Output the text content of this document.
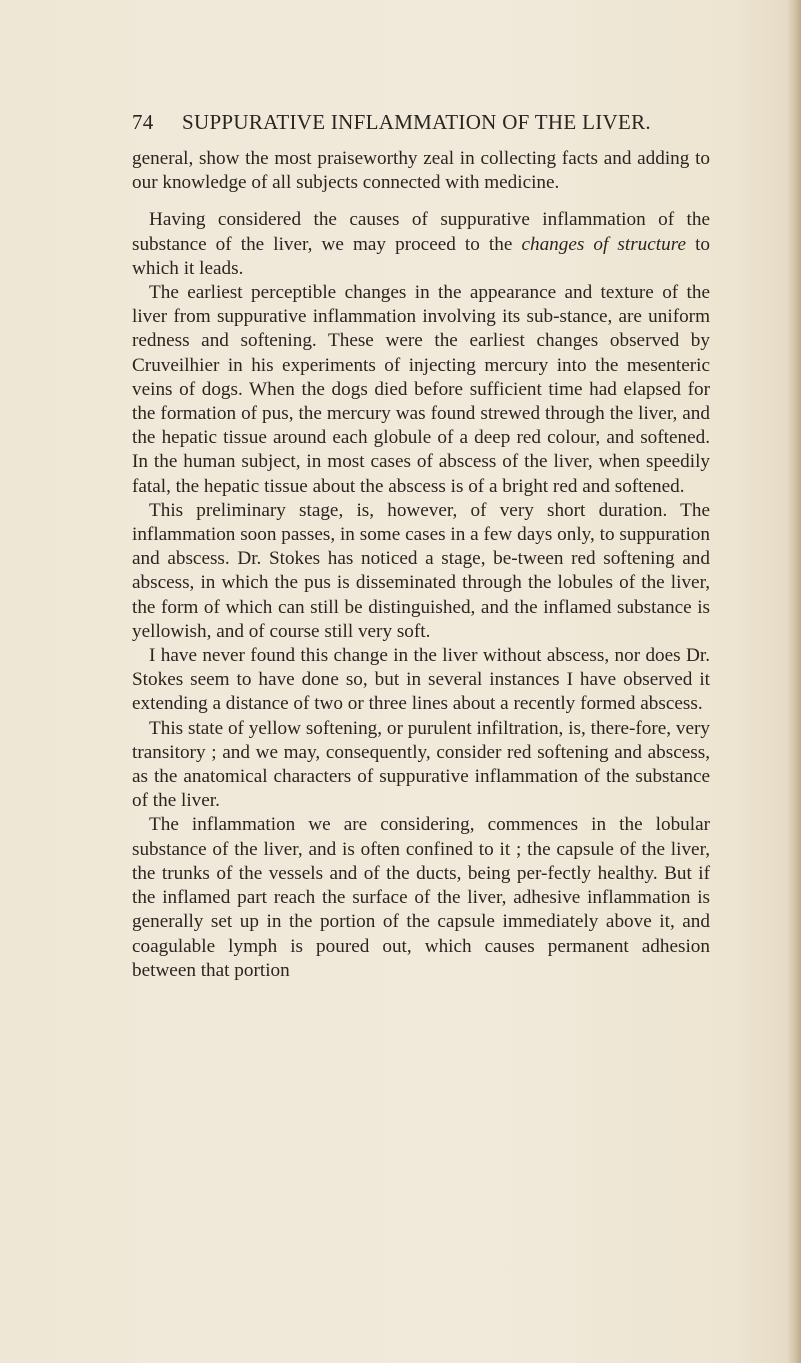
74 SUPPURATIVE INFLAMMATION OF THE LIVER.

general, show the most praiseworthy zeal in collecting facts and adding to our knowledge of all subjects connected with medicine.

Having considered the causes of suppurative inflammation of the substance of the liver, we may proceed to the changes of structure to which it leads.

The earliest perceptible changes in the appearance and texture of the liver from suppurative inflammation involving its sub-stance, are uniform redness and softening. These were the earliest changes observed by Cruveilhier in his experiments of injecting mercury into the mesenteric veins of dogs. When the dogs died before sufficient time had elapsed for the formation of pus, the mercury was found strewed through the liver, and the hepatic tissue around each globule of a deep red colour, and softened. In the human subject, in most cases of abscess of the liver, when speedily fatal, the hepatic tissue about the abscess is of a bright red and softened.

This preliminary stage, is, however, of very short duration. The inflammation soon passes, in some cases in a few days only, to suppuration and abscess. Dr. Stokes has noticed a stage, be-tween red softening and abscess, in which the pus is disseminated through the lobules of the liver, the form of which can still be distinguished, and the inflamed substance is yellowish, and of course still very soft.

I have never found this change in the liver without abscess, nor does Dr. Stokes seem to have done so, but in several instances I have observed it extending a distance of two or three lines about a recently formed abscess.

This state of yellow softening, or purulent infiltration, is, there-fore, very transitory ; and we may, consequently, consider red softening and abscess, as the anatomical characters of suppurative inflammation of the substance of the liver.

The inflammation we are considering, commences in the lobular substance of the liver, and is often confined to it ; the capsule of the liver, the trunks of the vessels and of the ducts, being per-fectly healthy. But if the inflamed part reach the surface of the liver, adhesive inflammation is generally set up in the portion of the capsule immediately above it, and coagulable lymph is poured out, which causes permanent adhesion between that portion
